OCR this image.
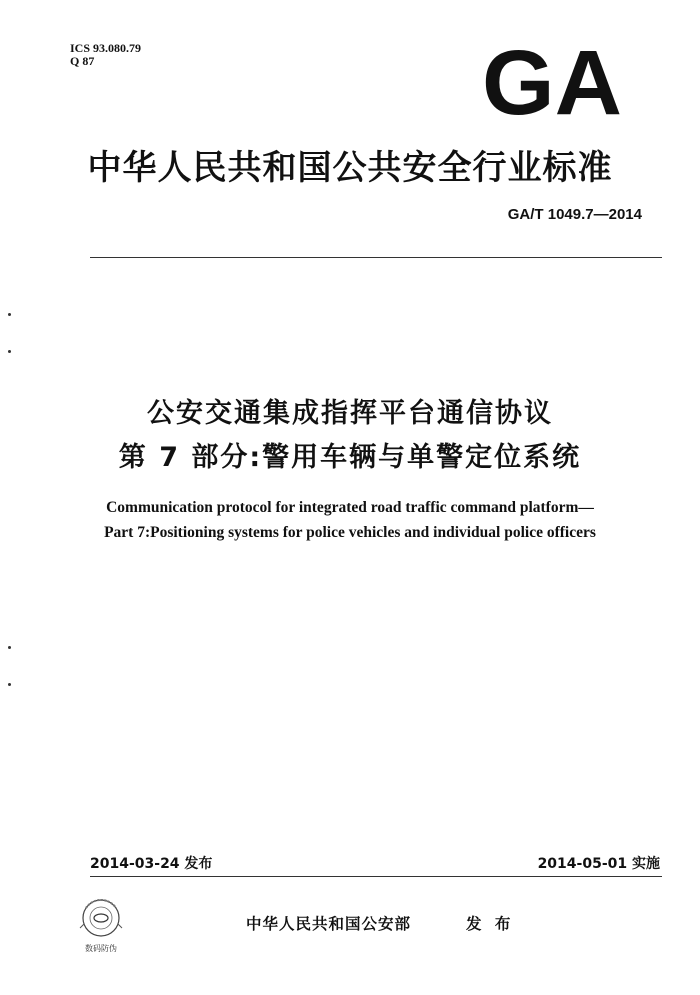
ICS 93.080.79
Q 87	GA
中华人民共和国公共安全行业标准
GA/T 1049.7—2014
公安交通集成指挥平台通信协议
第 7 部分:警用车辆与单警定位系统
Communication protocol for integrated road traffic command platform—
Part 7:Positioning systems for police vehicles and individual police officers
2014-03-24 发布	2014-05-01 实施
数码防伪
中华人民共和国公安部	发 布
